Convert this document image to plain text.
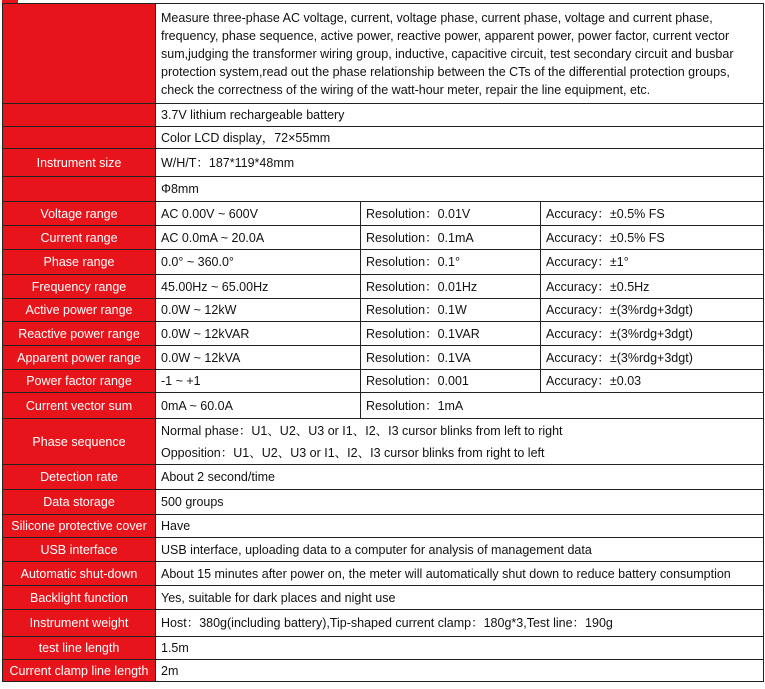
	Measure three-phase AC voltage, current, voltage phase, current phase, voltage and current phase, frequency, phase sequence, active power, reactive power, apparent power, power factor, current vector sum,judging the transformer wiring group, inductive, capacitive circuit, test secondary circuit and busbar protection system,read out the phase relationship between the CTs of the differential protection groups, check the correctness of the wiring of the watt-hour meter, repair the line equipment, etc.		
	3.7V lithium rechargeable battery		
	Color LCD display，72×55mm		
Instrument size	W/H/T：187*119*48mm		
	Φ8mm		
Voltage range	AC 0.00V ~ 600V	Resolution：0.01V	Accuracy：±0.5% FS
Current range	AC 0.0mA ~ 20.0A	Resolution：0.1mA	Accuracy：±0.5% FS
Phase range	0.0° ~ 360.0°	Resolution：0.1°	Accuracy：±1°
Frequency range	45.00Hz ~ 65.00Hz	Resolution：0.01Hz	Accuracy：±0.5Hz
Active power range	0.0W ~ 12kW	Resolution：0.1W	Accuracy：±(3%rdg+3dgt)
Reactive power range	0.0W ~ 12kVAR	Resolution：0.1VAR	Accuracy：±(3%rdg+3dgt)
Apparent power range	0.0W ~ 12kVA	Resolution：0.1VA	Accuracy：±(3%rdg+3dgt)
Power factor range	-1 ~ +1	Resolution：0.001	Accuracy：±0.03
Current vector sum	0mA ~ 60.0A	Resolution：1mA	
Phase sequence	Normal phase：U1、U2、U3 or I1、I2、I3 cursor blinks from left to right
Opposition：U1、U2、U3 or I1、I2、I3 cursor blinks from right to left		

Detection rate	About 2 second/time		
Data storage	500 groups		
Silicone protective cover	Have		
USB interface	USB interface, uploading data to a computer for analysis of management data		
Automatic shut-down	About 15 minutes after power on, the meter will automatically shut down to reduce battery consumption		
Backlight function	Yes, suitable for dark places and night use		
Instrument weight	Host：380g(including battery),Tip-shaped current clamp：180g*3,Test line：190g		
test line length	1.5m		
Current clamp line length	2m		
